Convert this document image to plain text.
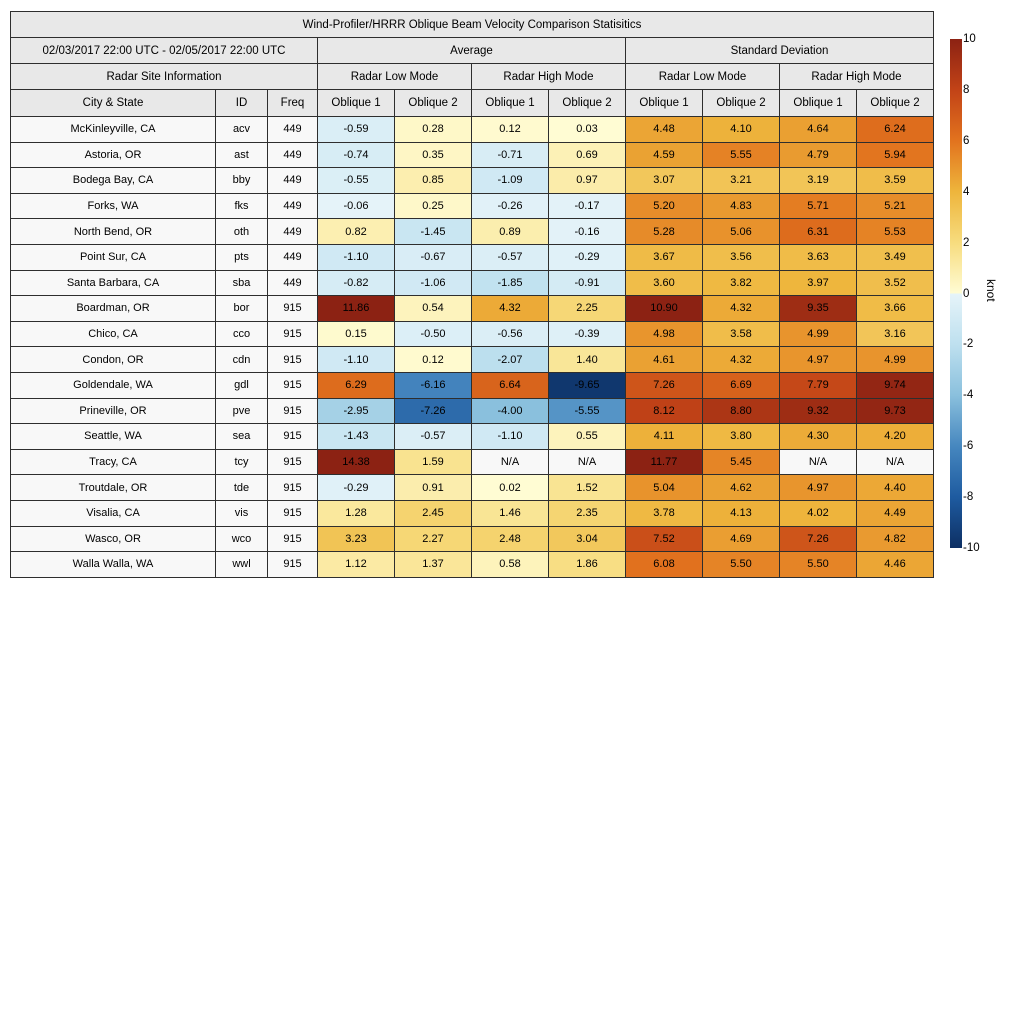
Wind-Profiler/HRRR Oblique Beam Velocity Comparison Statisitics										
02/03/2017 22:00 UTC - 02/05/2017 22:00 UTC			Average				Standard Deviation			
Radar Site Information			Radar Low Mode		Radar High Mode		Radar Low Mode		Radar High Mode	
City & State	ID	Freq	Oblique 1	Oblique 2	Oblique 1	Oblique 2	Oblique 1	Oblique 2	Oblique 1	Oblique 2
McKinleyville, CA	acv	449	-0.59	0.28	0.12	0.03	4.48	4.10	4.64	6.24
Astoria, OR	ast	449	-0.74	0.35	-0.71	0.69	4.59	5.55	4.79	5.94
Bodega Bay, CA	bby	449	-0.55	0.85	-1.09	0.97	3.07	3.21	3.19	3.59
Forks, WA	fks	449	-0.06	0.25	-0.26	-0.17	5.20	4.83	5.71	5.21
North Bend, OR	oth	449	0.82	-1.45	0.89	-0.16	5.28	5.06	6.31	5.53
Point Sur, CA	pts	449	-1.10	-0.67	-0.57	-0.29	3.67	3.56	3.63	3.49
Santa Barbara, CA	sba	449	-0.82	-1.06	-1.85	-0.91	3.60	3.82	3.97	3.52
Boardman, OR	bor	915	11.86	0.54	4.32	2.25	10.90	4.32	9.35	3.66
Chico, CA	cco	915	0.15	-0.50	-0.56	-0.39	4.98	3.58	4.99	3.16
Condon, OR	cdn	915	-1.10	0.12	-2.07	1.40	4.61	4.32	4.97	4.99
Goldendale, WA	gdl	915	6.29	-6.16	6.64	-9.65	7.26	6.69	7.79	9.74
Prineville, OR	pve	915	-2.95	-7.26	-4.00	-5.55	8.12	8.80	9.32	9.73
Seattle, WA	sea	915	-1.43	-0.57	-1.10	0.55	4.11	3.80	4.30	4.20
Tracy, CA	tcy	915	14.38	1.59	N/A	N/A	11.77	5.45	N/A	N/A
Troutdale, OR	tde	915	-0.29	0.91	0.02	1.52	5.04	4.62	4.97	4.40
Visalia, CA	vis	915	1.28	2.45	1.46	2.35	3.78	4.13	4.02	4.49
Wasco, OR	wco	915	3.23	2.27	2.48	3.04	7.52	4.69	7.26	4.82
Walla Walla, WA	wwl	915	1.12	1.37	0.58	1.86	6.08	5.50	5.50	4.46
10
8
6
4
2
0
-2
-4
-6
-8
-10
knot
